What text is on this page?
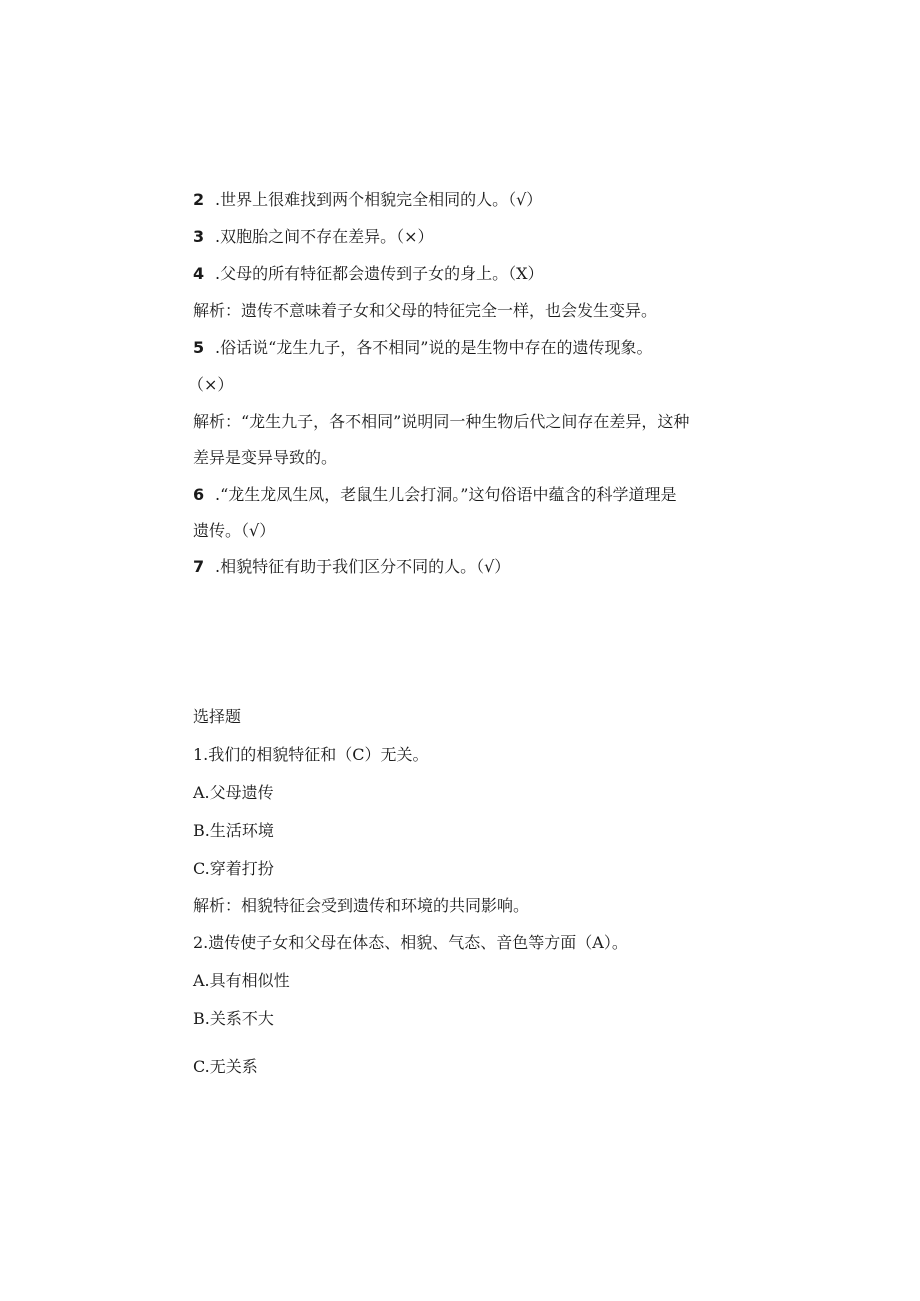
2 .世界上很难找到两个相貌完全相同的人。（√）
3 .双胞胎之间不存在差异。（×）
4 .父母的所有特征都会遗传到子女的身上。（X）
解析：遗传不意味着子女和父母的特征完全一样，也会发生变异。
5 .俗话说“龙生九子，各不相同”说的是生物中存在的遗传现象。
（×）
解析：“龙生九子，各不相同”说明同一种生物后代之间存在差异，这种
差异是变异导致的。
6 .“龙生龙凤生凤，老鼠生儿会打洞。”这句俗语中蕴含的科学道理是
遗传。（√）
7 .相貌特征有助于我们区分不同的人。（√）
选择题
1.我们的相貌特征和（C）无关。
A.父母遗传
B.生活环境
C.穿着打扮
解析：相貌特征会受到遗传和环境的共同影响。
2.遗传使子女和父母在体态、相貌、气态、音色等方面（A）。
A.具有相似性
B.关系不大
C.无关系
